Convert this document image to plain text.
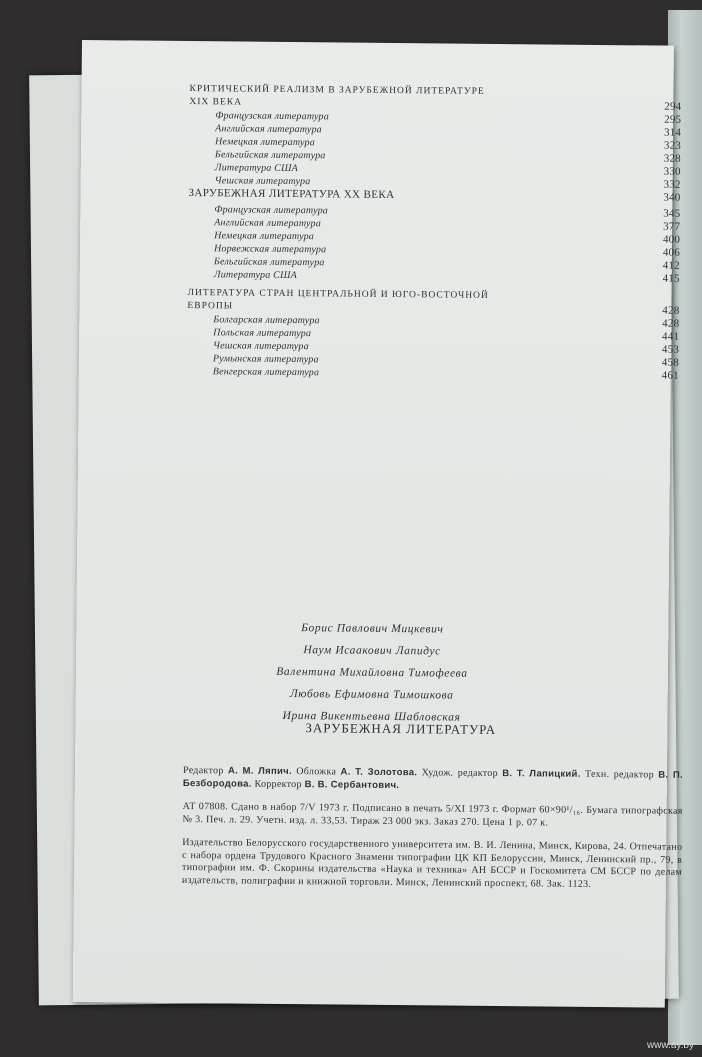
КРИТИЧЕСКИЙ РЕАЛИЗМ В ЗАРУБЕЖНОЙ ЛИТЕРАТУРЕ
XIX ВЕКА	294
Французская литература	295
Английская литература	314
Немецкая литература	323
Бельгийская литература	328
Литература США	330
Чешская литература	332
ЗАРУБЕЖНАЯ ЛИТЕРАТУРА XX ВЕКА	340
Французская литература	345
Английская литература	377
Немецкая литература	400
Норвежская литература	406
Бельгийская литература	412
Литература США	415
ЛИТЕРАТУРА СТРАН ЦЕНТРАЛЬНОЙ И ЮГО-ВОСТОЧНОЙ
ЕВРОПЫ	428
Болгарская литература	428
Польская литература	441
Чешская литература	453
Румынская литература	458
Венгерская литература	461
Борис Павлович Мицкевич
Наум Исаакович Лапидус
Валентина Михайловна Тимофеева
Любовь Ефимовна Тимошкова
Ирина Викентьевна Шабловская
ЗАРУБЕЖНАЯ ЛИТЕРАТУРА

Редактор А. М. Ляпич. Обложка А. Т. Золотова. Худож. редактор В. Т. Лапицкий. Техн. редактор В. П. Безбородова. Корректор В. В. Сербантович.

АТ 07808. Сдано в набор 7/V 1973 г. Подписано в печать 5/XI 1973 г. Формат 60×90¹/₁₆. Бумага типографская № 3. Печ. л. 29. Учетн. изд. л. 33,53. Тираж 23 000 экз. Заказ 270. Цена 1 р. 07 к.

Издательство Белорусского государственного университета им. В. И. Ленина, Минск, Кирова, 24. Отпечатано с набора ордена Трудового Красного Знамени типографии ЦК КП Белоруссии, Минск, Ленинский пр., 79, в типографии им. Ф. Скорины издательства «Наука и техника» АН БССР и Госкомитета СМ БССР по делам издательств, полиграфии и книжной торговли. Минск, Ленинский проспект, 68. Зак. 1123.

www.ay.by
